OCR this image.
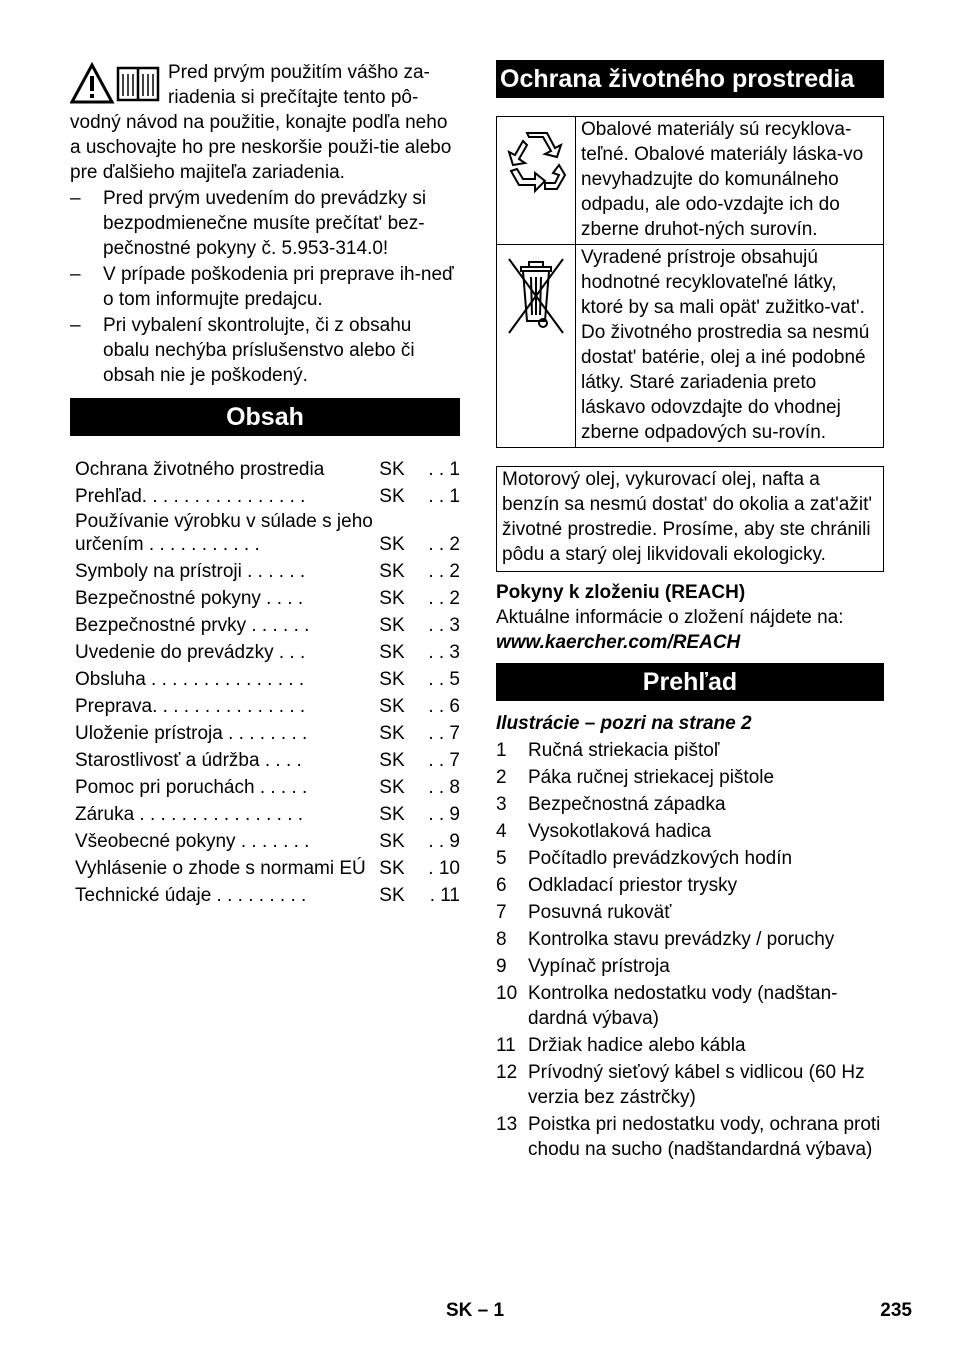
Pred prvým použitím vášho za-riadenia si prečítajte tento pô-vodný návod na použitie, konajte podľa neho a uschovajte ho pre neskoršie použi-tie alebo pre ďalšieho majiteľa zariadenia.

– Pred prvým uvedením do prevádzky si bezpodmienečne musíte prečítat' bez-pečnostné pokyny č. 5.953-314.0!
– V prípade poškodenia pri preprave ih-neď o tom informujte predajcu.
– Pri vybalení skontrolujte, či z obsahu obalu nechýba príslušenstvo alebo či obsah nie je poškodený.
Obsah
Ochrana životného prostredia	SK	. . 1
Prehľad. . . . . . . . . . . . . . . .	SK	. . 1
Používanie výrobku v súlade s jeho určením . . . . . . . . . . .	SK	. . 2
Symboly na prístroji . . . . . .	SK	. . 2
Bezpečnostné pokyny . . . .	SK	. . 2
Bezpečnostné prvky . . . . . .	SK	. . 3
Uvedenie do prevádzky . . .	SK	. . 3
Obsluha . . . . . . . . . . . . . . .	SK	. . 5
Preprava. . . . . . . . . . . . . . .	SK	. . 6
Uloženie prístroja . . . . . . . .	SK	. . 7
Starostlivosť a údržba . . . .	SK	. . 7
Pomoc pri poruchách . . . . .	SK	. . 8
Záruka . . . . . . . . . . . . . . . .	SK	. . 9
Všeobecné pokyny . . . . . . .	SK	. . 9
Vyhlásenie o zhode s normami EÚ	SK	. 10
Technické údaje . . . . . . . . .	SK	. 11
Ochrana životného prostredia
	Obalové materiály sú recyklova-teľné. Obalové materiály láska-vo nevyhadzujte do komunálneho odpadu, ale odo-vzdajte ich do zberne druhot-ných surovín.
	Vyradené prístroje obsahujú hodnotné recyklovateľné látky, ktoré by sa mali opät' zužitko-vat'. Do životného prostredia sa nesmú dostat' batérie, olej a iné podobné látky. Staré zariadenia preto láskavo odovzdajte do vhodnej zberne odpadových su-rovín.
Motorový olej, vykurovací olej, nafta a benzín sa nesmú dostat' do okolia a zat'ažit' životné prostredie. Prosíme, aby ste chránili pôdu a starý olej likvidovali ekologicky.
Pokyny k zloženiu (REACH)
Aktuálne informácie o zložení nájdete na:
www.kaercher.com/REACH
Prehľad
Ilustrácie – pozri na strane 2
1 Ručná striekacia pištoľ
2 Páka ručnej striekacej pištole
3 Bezpečnostná západka
4 Vysokotlaková hadica
5 Počítadlo prevádzkových hodín
6 Odkladací priestor trysky
7 Posuvná rukoväť
8 Kontrolka stavu prevádzky / poruchy
9 Vypínač prístroja
10 Kontrolka nedostatku vody (nadštan-dardná výbava)
11 Držiak hadice alebo kábla
12 Prívodný sieťový kábel s vidlicou (60 Hz verzia bez zástrčky)
13 Poistka pri nedostatku vody, ochrana proti chodu na sucho (nadštandardná výbava)
SK – 1	235
